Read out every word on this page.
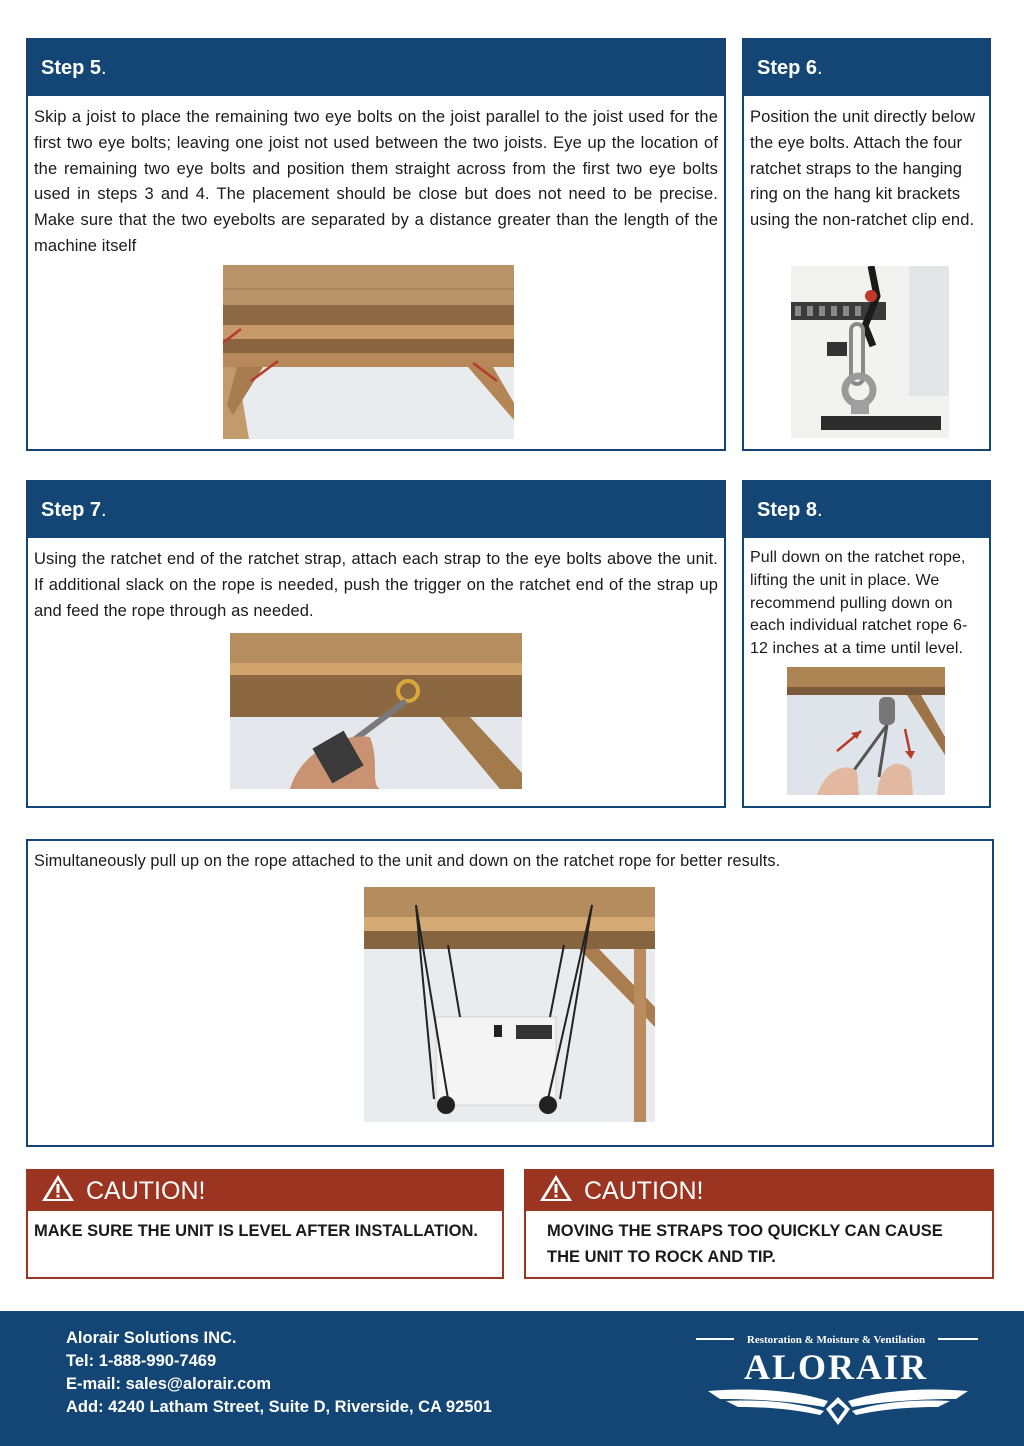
Step 5 .
Skip a joist to place the remaining two eye bolts on the joist parallel to the joist used for the first two eye bolts; leaving one joist not used between the two joists. Eye up the location of the remaining two eye bolts and position them straight across from the first two eye bolts used in steps 3 and 4. The placement should be close but does not need to be precise. Make sure that the two eyebolts are separated by a distance greater than the length of the machine itself
Step 6 .
Position the unit directly below the eye bolts. Attach the four ratchet straps to the hanging ring on the hang kit brackets using the non-ratchet clip end.
Step 7 .
Using the ratchet end of the ratchet strap, attach each strap to the eye bolts above the unit. If additional slack on the rope is needed, push the trigger on the ratchet end of the strap up and feed the rope through as needed.
Step 8 .
Pull down on the ratchet rope, lifting the unit in place. We recommend pulling down on each individual ratchet rope 6-12 inches at a time until level.
Simultaneously pull up on the rope attached to the unit and down on the ratchet rope for better results.
CAUTION!
MAKE SURE THE UNIT IS LEVEL AFTER INSTALLATION.
CAUTION!
MOVING THE STRAPS TOO QUICKLY CAN CAUSE THE UNIT TO ROCK AND TIP.
Alorair Solutions INC.
Tel: 1-888-990-7469
E-mail: sales@alorair.com
Add: 4240 Latham Street, Suite D, Riverside, CA 92501
Restoration & Moisture & Ventilation
ALORAIR
